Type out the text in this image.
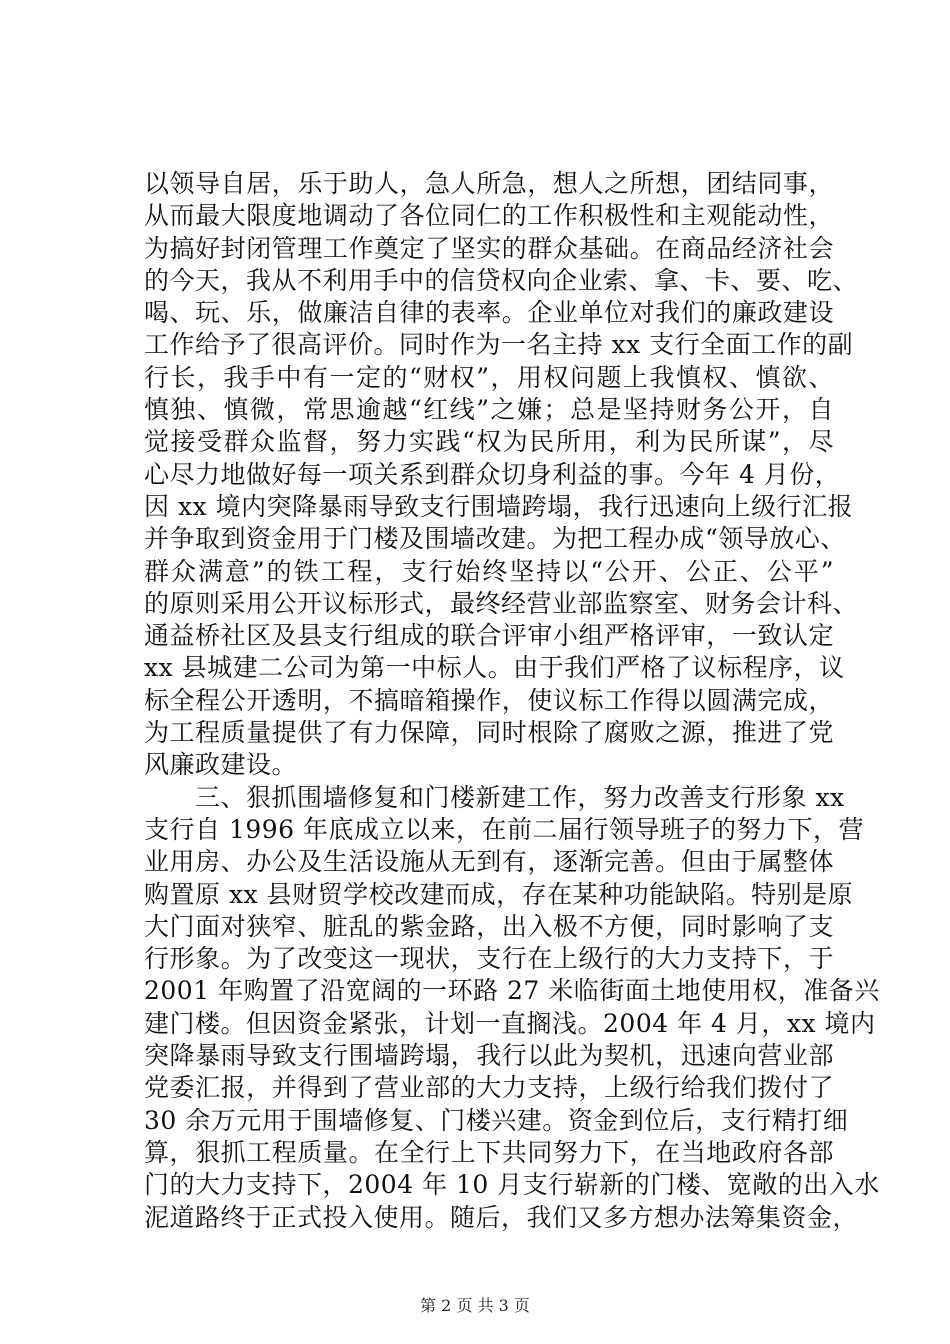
以领导自居，乐于助人，急人所急，想人之所想，团结同事，
从而最大限度地调动了各位同仁的工作积极性和主观能动性，
为搞好封闭管理工作奠定了坚实的群众基础。在商品经济社会
的今天，我从不利用手中的信贷权向企业索、拿、卡、要、吃、
喝、玩、乐，做廉洁自律的表率。企业单位对我们的廉政建设
工作给予了很高评价。同时作为一名主持 xx 支行全面工作的副
行长，我手中有一定的“财权”，用权问题上我慎权、慎欲、
慎独、慎微，常思逾越“红线”之嫌；总是坚持财务公开，自
觉接受群众监督，努力实践“权为民所用，利为民所谋”，尽
心尽力地做好每一项关系到群众切身利益的事。今年 4 月份，
因 xx 境内突降暴雨导致支行围墙跨塌，我行迅速向上级行汇报
并争取到资金用于门楼及围墙改建。为把工程办成“领导放心、
群众满意”的铁工程，支行始终坚持以“公开、公正、公平”
的原则采用公开议标形式，最终经营业部监察室、财务会计科、
通益桥社区及县支行组成的联合评审小组严格评审，一致认定
xx 县城建二公司为第一中标人。由于我们严格了议标程序，议
标全程公开透明，不搞暗箱操作，使议标工作得以圆满完成，
为工程质量提供了有力保障，同时根除了腐败之源，推进了党
风廉政建设。
　　三、狠抓围墙修复和门楼新建工作，努力改善支行形象 xx
支行自 1996 年底成立以来，在前二届行领导班子的努力下，营
业用房、办公及生活设施从无到有，逐渐完善。但由于属整体
购置原 xx 县财贸学校改建而成，存在某种功能缺陷。特别是原
大门面对狭窄、脏乱的紫金路，出入极不方便，同时影响了支
行形象。为了改变这一现状，支行在上级行的大力支持下，于
2001 年购置了沿宽阔的一环路 27 米临街面土地使用权，准备兴
建门楼。但因资金紧张，计划一直搁浅。2004 年 4 月，xx 境内
突降暴雨导致支行围墙跨塌，我行以此为契机，迅速向营业部
党委汇报，并得到了营业部的大力支持，上级行给我们拨付了
30 余万元用于围墙修复、门楼兴建。资金到位后，支行精打细
算，狠抓工程质量。在全行上下共同努力下，在当地政府各部
门的大力支持下，2004 年 10 月支行崭新的门楼、宽敞的出入水
泥道路终于正式投入使用。随后，我们又多方想办法筹集资金，
第 2 页 共 3 页
